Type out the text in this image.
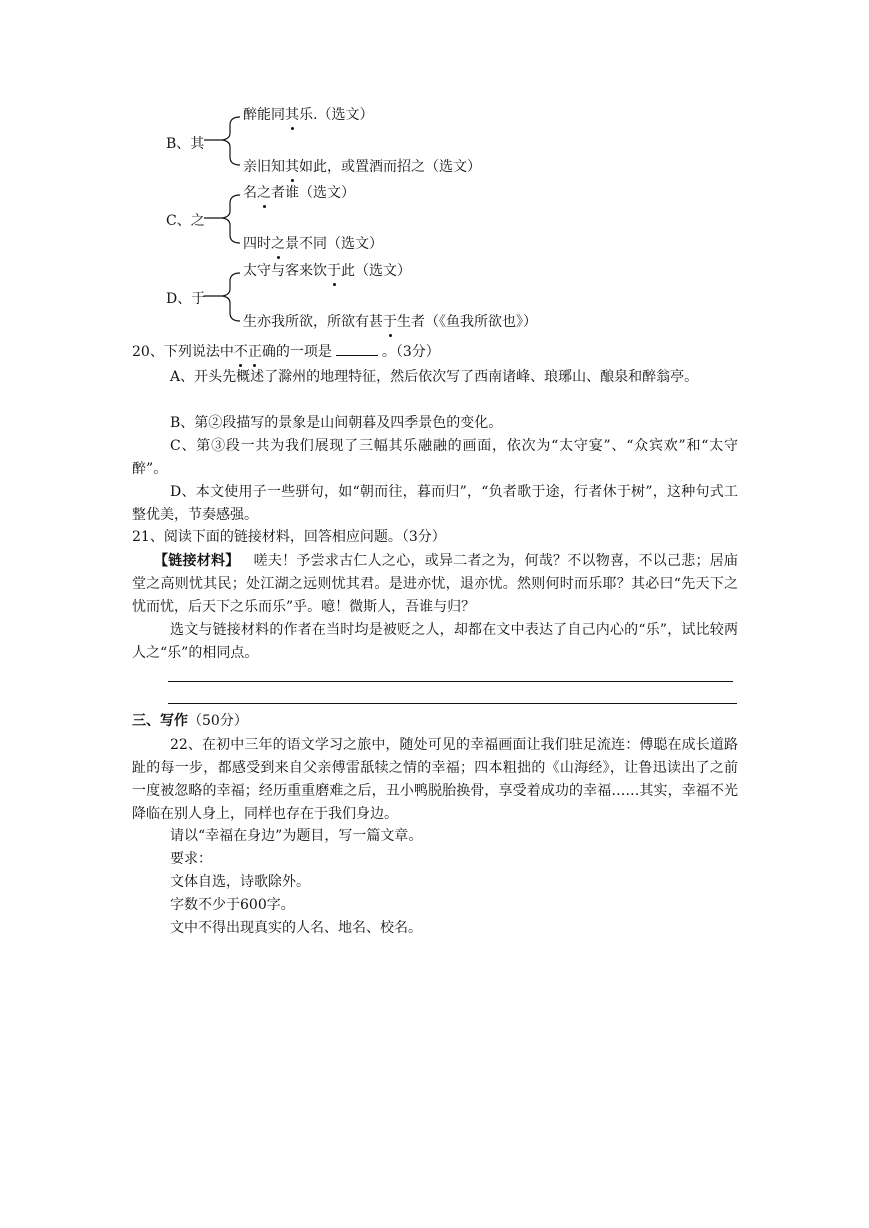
醉能同其乐.（选文）
B、其
亲旧知其如此，或置酒而招之（选文）
名之者谁（选文）
C、之
四时之景不同（选文）
太守与客来饮于此（选文）
D、于
生亦我所欲，所欲有甚于生者（《鱼我所欲也》）
20、下列说法中不正确的一项是	。（3分）
A、开头先概述了滁州的地理特征，然后依次写了西南诸峰、琅琊山、酿泉和醉翁亭。
B、第②段描写的景象是山间朝暮及四季景色的变化。
C、第③段一共为我们展现了三幅其乐融融的画面，依次为“太守宴”、“众宾欢”和“太守醉”。
D、本文使用子一些骈句，如“朝而往，暮而归”，“负者歌于途，行者休于树”，这种句式工整优美，节奏感强。
21、阅读下面的链接材料，回答相应问题。（3分）
【链接材料】 嗟夫！予尝求古仁人之心，或异二者之为，何哉？不以物喜，不以己悲；居庙堂之高则忧其民；处江湖之远则忧其君。是进亦忧，退亦忧。然则何时而乐耶？其必曰“先天下之忧而忧，后天下之乐而乐”乎。噫！微斯人，吾谁与归？
选文与链接材料的作者在当时均是被贬之人，却都在文中表达了自己内心的“乐”，试比较两人之“乐”的相同点。
三、写作（50分）
22、在初中三年的语文学习之旅中，随处可见的幸福画面让我们驻足流连：傅聪在成长道路趾的每一步，都感受到来自父亲傅雷舐犊之情的幸福；四本粗拙的《山海经》，让鲁迅读出了之前一度被忽略的幸福；经历重重磨难之后，丑小鸭脱胎换骨，享受着成功的幸福……其实，幸福不光降临在别人身上，同样也存在于我们身边。
请以“幸福在身边”为题目，写一篇文章。
要求：
文体自选，诗歌除外。
字数不少于600字。
文中不得出现真实的人名、地名、校名。
